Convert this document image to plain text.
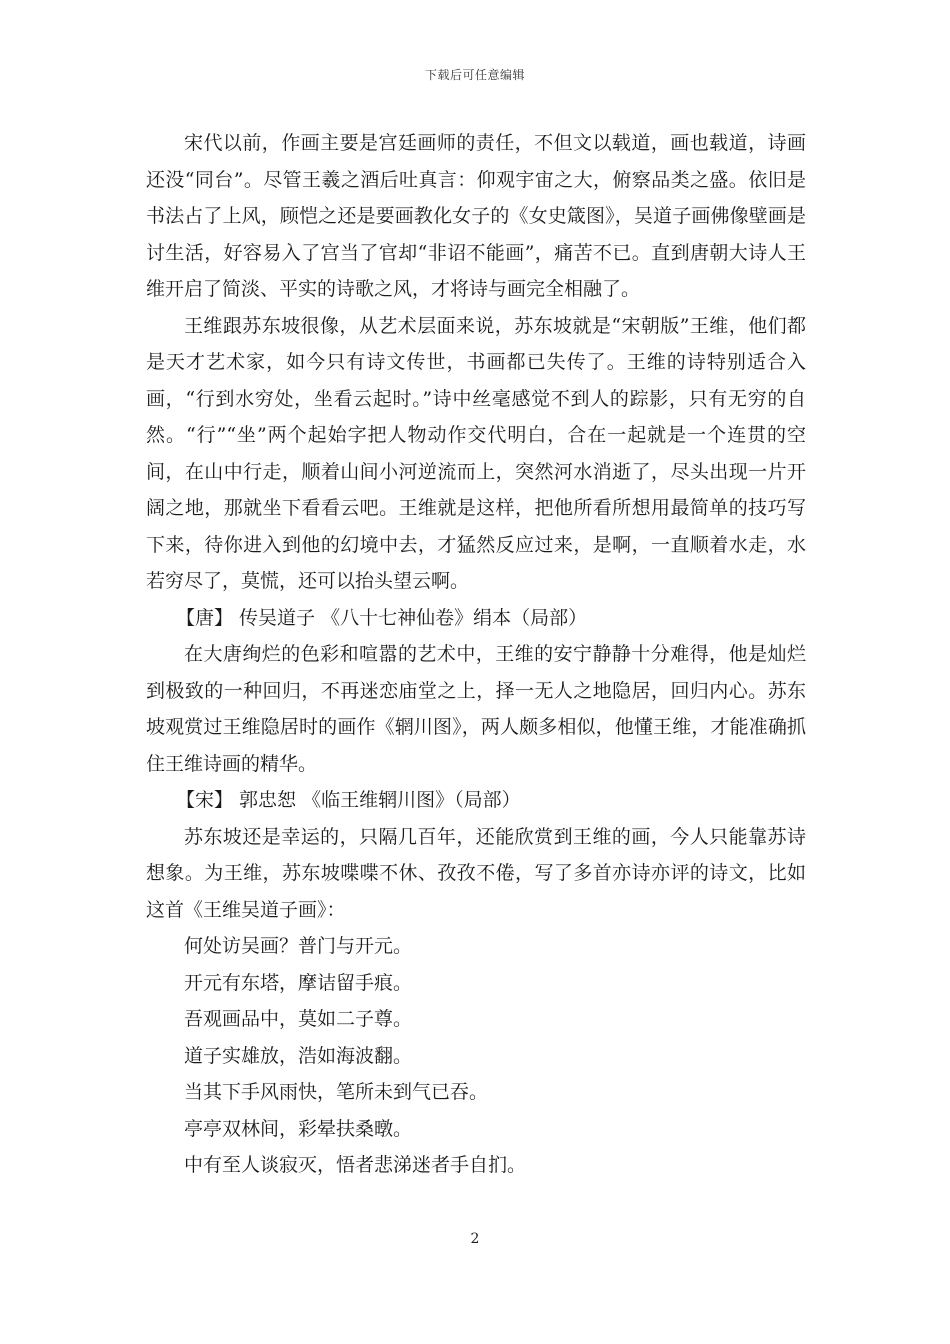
下载后可任意编辑

宋代以前，作画主要是宫廷画师的责任，不但文以载道，画也载道，诗画还没“同台”。尽管王羲之酒后吐真言：仰观宇宙之大，俯察品类之盛。依旧是书法占了上风，顾恺之还是要画教化女子的《女史箴图》，吴道子画佛像壁画是讨生活，好容易入了宫当了官却“非诏不能画”，痛苦不已。直到唐朝大诗人王维开启了简淡、平实的诗歌之风，才将诗与画完全相融了。

王维跟苏东坡很像，从艺术层面来说，苏东坡就是“宋朝版”王维，他们都是天才艺术家，如今只有诗文传世，书画都已失传了。王维的诗特别适合入画，“行到水穷处，坐看云起时。”诗中丝毫感觉不到人的踪影，只有无穷的自然。“行”“坐”两个起始字把人物动作交代明白，合在一起就是一个连贯的空间，在山中行走，顺着山间小河逆流而上，突然河水消逝了，尽头出现一片开阔之地，那就坐下看看云吧。王维就是这样，把他所看所想用最简单的技巧写下来，待你进入到他的幻境中去，才猛然反应过来，是啊，一直顺着水走，水若穷尽了，莫慌，还可以抬头望云啊。

【唐】 传吴道子 《八十七神仙卷》绢本（局部）

在大唐绚烂的色彩和喧嚣的艺术中，王维的安宁静静十分难得，他是灿烂到极致的一种回归，不再迷恋庙堂之上，择一无人之地隐居，回归内心。苏东坡观赏过王维隐居时的画作《辋川图》，两人颇多相似，他懂王维，才能准确抓住王维诗画的精华。

【宋】 郭忠恕 《临王维辋川图》（局部）

苏东坡还是幸运的，只隔几百年，还能欣赏到王维的画，今人只能靠苏诗想象。为王维，苏东坡喋喋不休、孜孜不倦，写了多首亦诗亦评的诗文，比如这首《王维吴道子画》：

何处访吴画？普门与开元。

开元有东塔，摩诘留手痕。

吾观画品中，莫如二子尊。

道子实雄放，浩如海波翻。

当其下手风雨快，笔所未到气已吞。

亭亭双林间，彩晕扶桑暾。

中有至人谈寂灭，悟者悲涕迷者手自扪。

2
